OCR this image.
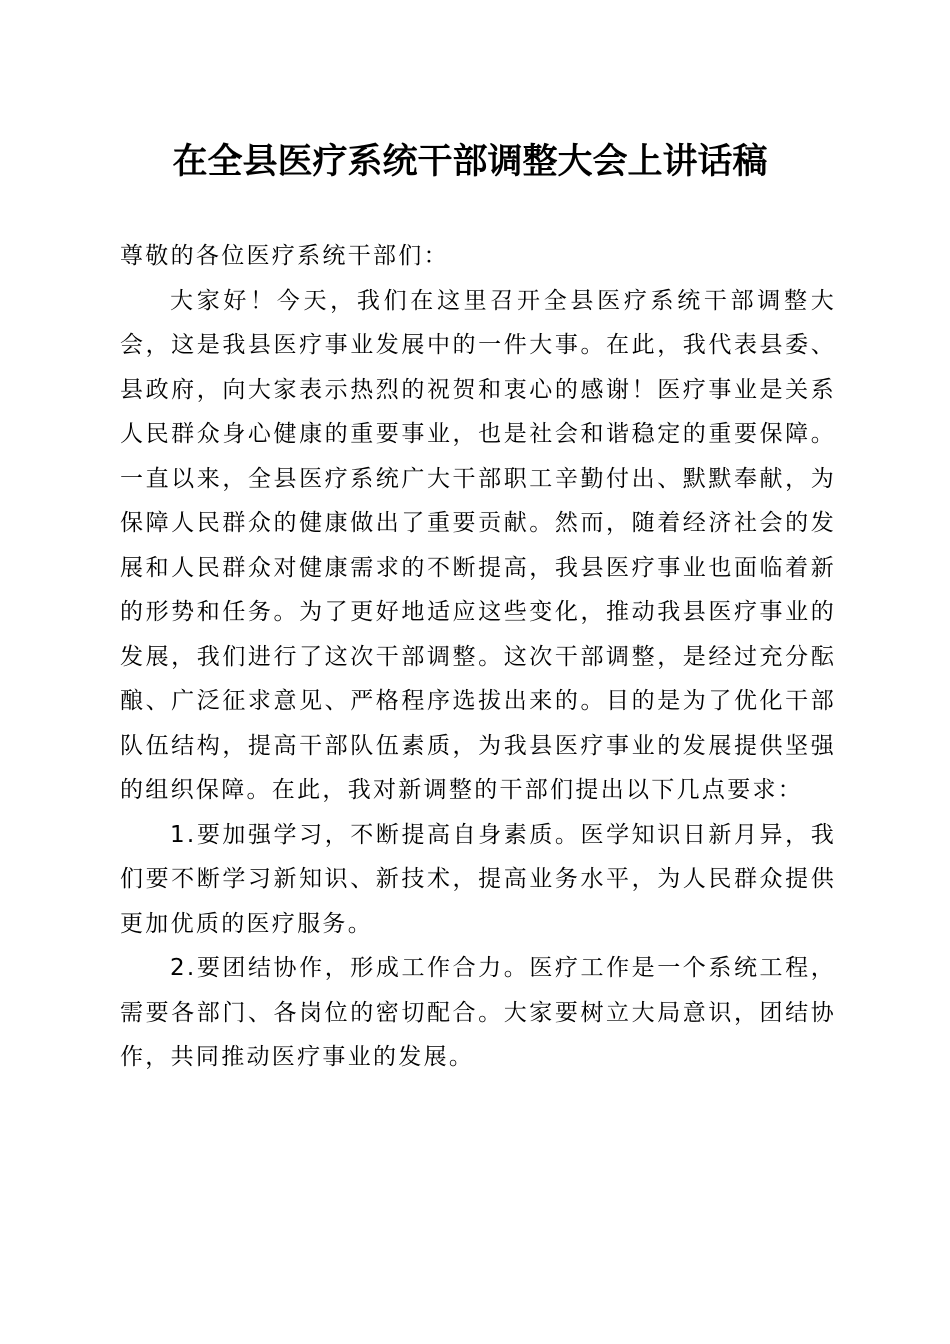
在全县医疗系统干部调整大会上讲话稿

尊敬的各位医疗系统干部们：

大家好！今天，我们在这里召开全县医疗系统干部调整大会，这是我县医疗事业发展中的一件大事。在此，我代表县委、县政府，向大家表示热烈的祝贺和衷心的感谢！医疗事业是关系人民群众身心健康的重要事业，也是社会和谐稳定的重要保障。一直以来，全县医疗系统广大干部职工辛勤付出、默默奉献，为保障人民群众的健康做出了重要贡献。然而，随着经济社会的发展和人民群众对健康需求的不断提高，我县医疗事业也面临着新的形势和任务。为了更好地适应这些变化，推动我县医疗事业的发展，我们进行了这次干部调整。这次干部调整，是经过充分酝酿、广泛征求意见、严格程序选拔出来的。目的是为了优化干部队伍结构，提高干部队伍素质，为我县医疗事业的发展提供坚强的组织保障。在此，我对新调整的干部们提出以下几点要求：

1.要加强学习，不断提高自身素质。医学知识日新月异，我们要不断学习新知识、新技术，提高业务水平，为人民群众提供更加优质的医疗服务。

2.要团结协作，形成工作合力。医疗工作是一个系统工程，需要各部门、各岗位的密切配合。大家要树立大局意识，团结协作，共同推动医疗事业的发展。
